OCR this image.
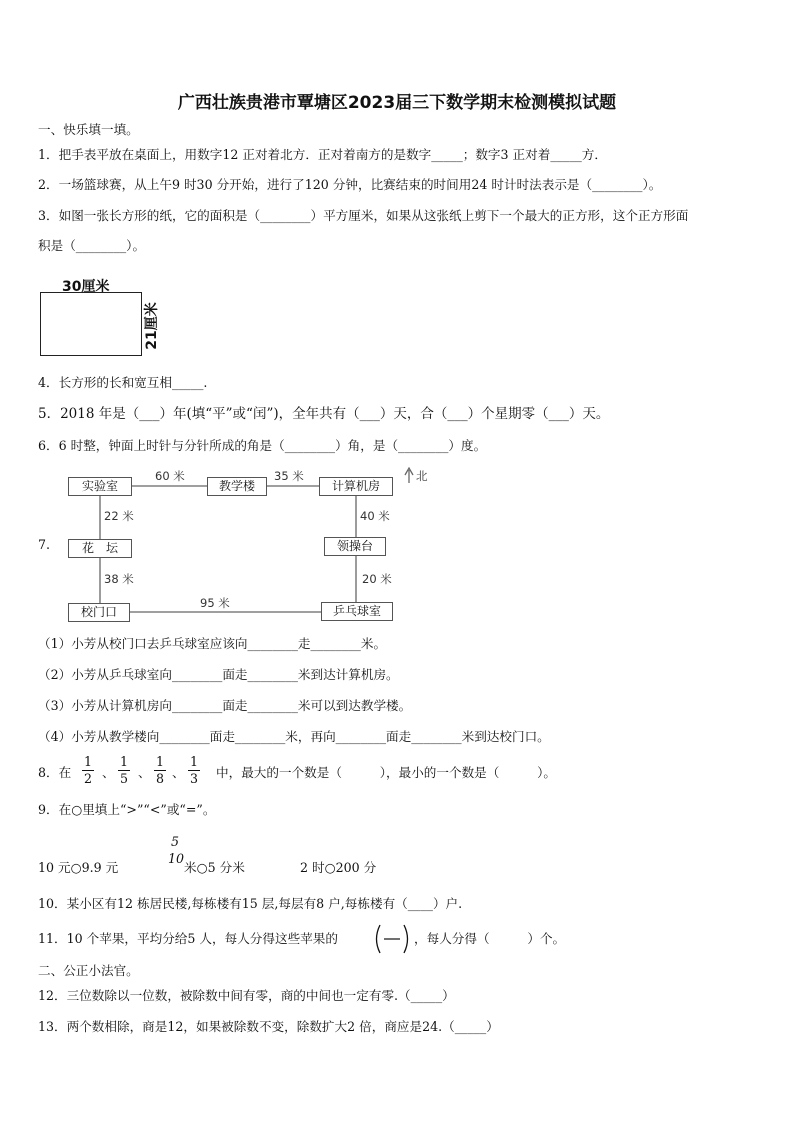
广西壮族贵港市覃塘区2023届三下数学期末检测模拟试题
一、快乐填一填。
1．把手表平放在桌面上，用数字12 正对着北方．正对着南方的是数字_____；数字3 正对着_____方．
2．一场篮球赛，从上午9 时30 分开始，进行了120 分钟，比赛结束的时间用24 时计时法表示是（________）。
3．如图一张长方形的纸，它的面积是（________）平方厘米，如果从这张纸上剪下一个最大的正方形，这个正方形面
积是（________）。
30厘米
21厘米
4．长方形的长和宽互相_____.
5．2018 年是（___）年(填“平”或“闰”)，全年共有（___）天，合（___）个星期零（___）天。
6．6 时整，钟面上时针与分针所成的角是（________）角，是（________）度。
7.
实验室	教学楼	计算机房
花　坛	领操台
校门口	乒乓球室
60 米	35 米
22 米	40 米
38 米	20 米
95 米
北
（1）小芳从校门口去乒乓球室应该向________走________米。
（2）小芳从乒乓球室向________面走________米到达计算机房。
（3）小芳从计算机房向________面走________米可以到达教学楼。
（4）小芳从教学楼向________面走________米，再向________面走________米到达校门口。
8．在
1
2 、
1
5 、
1
8 、
1
3 中，最大的一个数是（　　　），最小的一个数是（　　　）。
9．在○里填上“>”“<”或“=”。
10 元○9.9 元
5
10
米○5 分米	2 时○200 分
10．某小区有12 栋居民楼,每栋楼有15 层,每层有8 户,每栋楼有（____）户.
11．10 个苹果，平均分给5 人，每人分得这些苹果的	，每人分得（　　　）个。
二、公正小法官。
12．三位数除以一位数，被除数中间有零，商的中间也一定有零.（_____）
13．两个数相除，商是12，如果被除数不变，除数扩大2 倍，商应是24.（_____）
